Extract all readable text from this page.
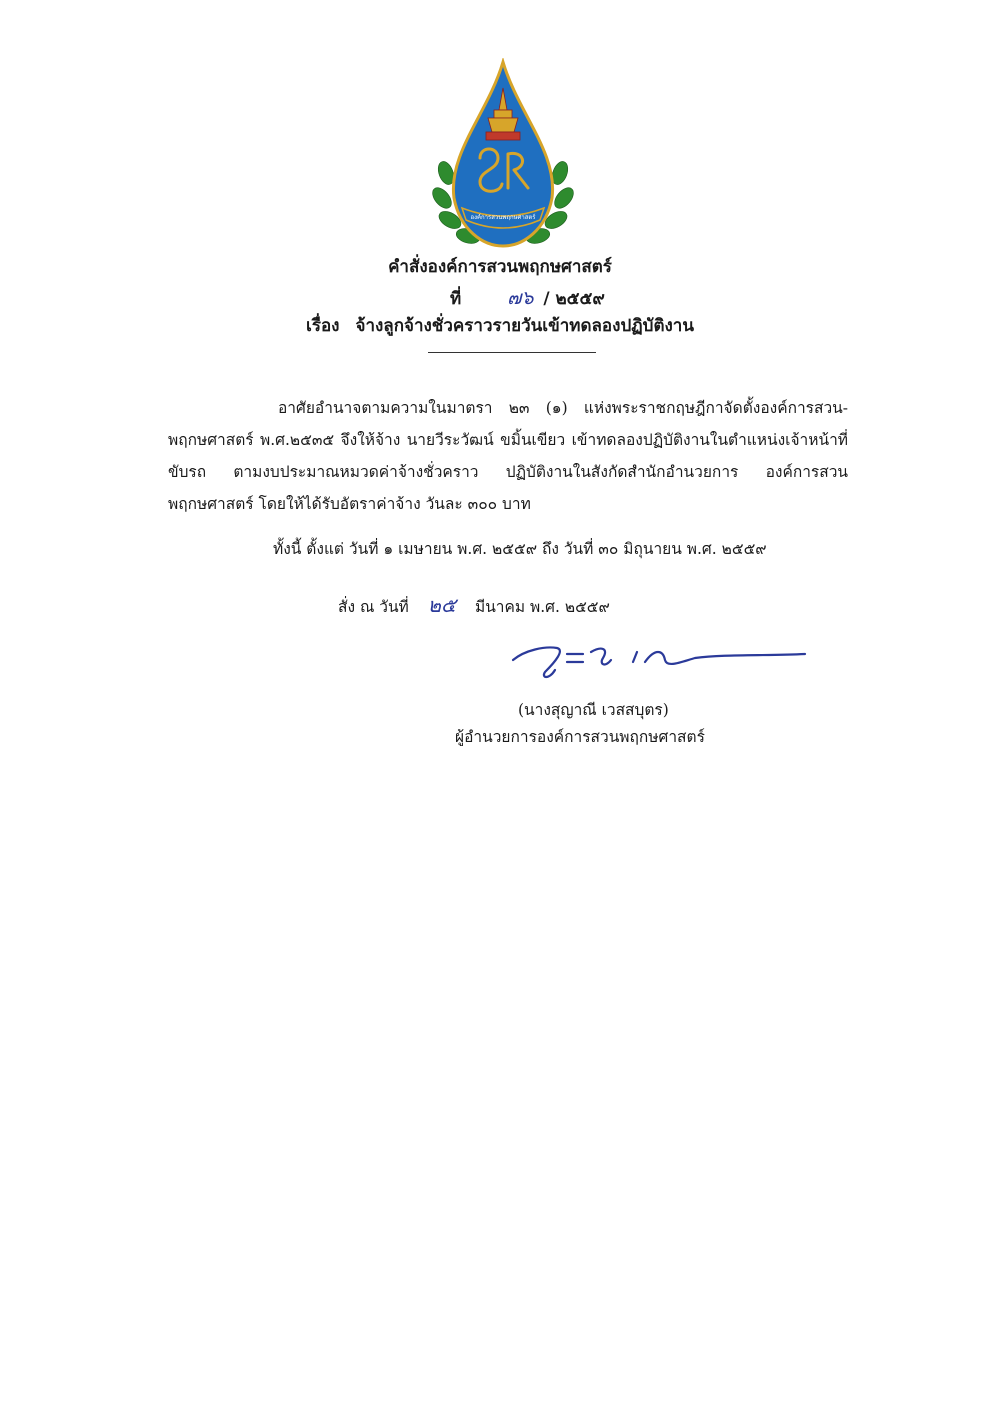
องค์การสวนพฤกษศาสตร์
คำสั่งองค์การสวนพฤกษศาสตร์
ที่ ๗๖ / ๒๕๕๙
เรื่อง จ้างลูกจ้างชั่วคราวรายวันเข้าทดลองปฏิบัติงาน
อาศัยอำนาจตามความในมาตรา ๒๓ (๑) แห่งพระราชกฤษฎีกาจัดตั้งองค์การสวน-พฤกษศาสตร์ พ.ศ.๒๕๓๕ จึงให้จ้าง นายวีระวัฒน์ ขมิ้นเขียว เข้าทดลองปฏิบัติงานในตำแหน่งเจ้าหน้าที่ขับรถ ตามงบประมาณหมวดค่าจ้างชั่วคราว ปฏิบัติงานในสังกัดสำนักอำนวยการ องค์การสวนพฤกษศาสตร์ โดยให้ได้รับอัตราค่าจ้าง วันละ ๓๐๐ บาท
ทั้งนี้ ตั้งแต่ วันที่ ๑ เมษายน พ.ศ. ๒๕๕๙ ถึง วันที่ ๓๐ มิถุนายน พ.ศ. ๒๕๕๙
สั่ง ณ วันที่ ๒๕ มีนาคม พ.ศ. ๒๕๕๙
(นางสุญาณี เวสสบุตร)
ผู้อำนวยการองค์การสวนพฤกษศาสตร์
